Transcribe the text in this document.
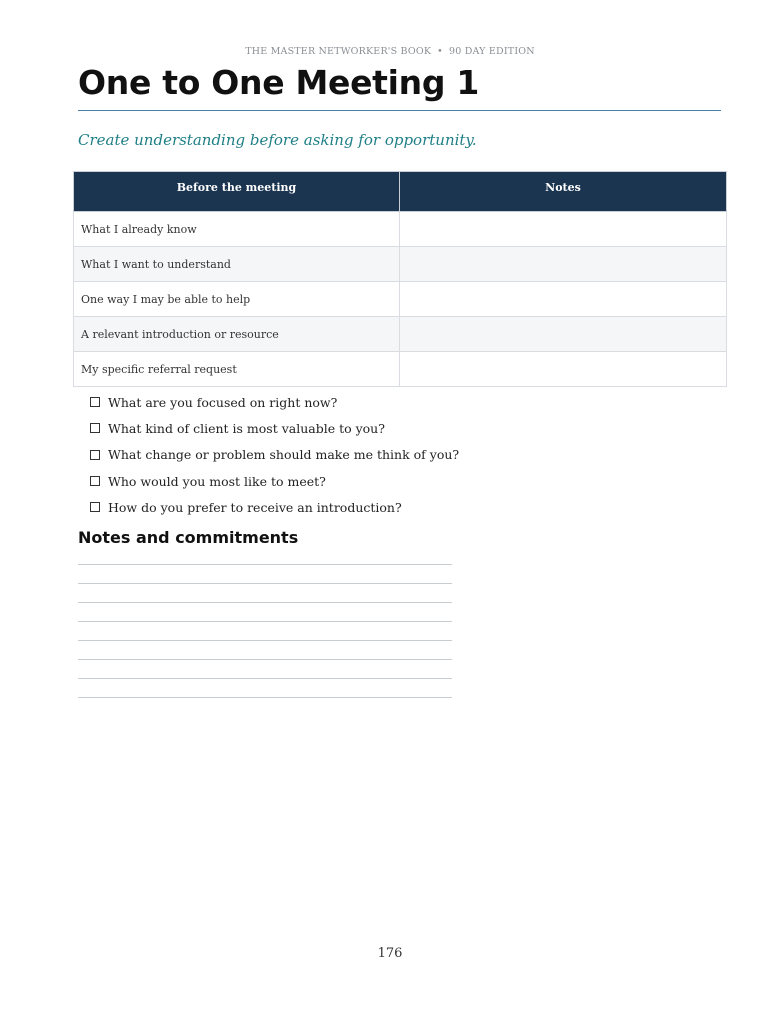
THE MASTER NETWORKER'S BOOK • 90 DAY EDITION
One to One Meeting 1
Create understanding before asking for opportunity.
Before the meeting	Notes
What I already know	
What I want to understand	
One way I may be able to help	
A relevant introduction or resource	
My specific referral request	
What are you focused on right now?
What kind of client is most valuable to you?
What change or problem should make me think of you?
Who would you most like to meet?
How do you prefer to receive an introduction?
Notes and commitments
176
